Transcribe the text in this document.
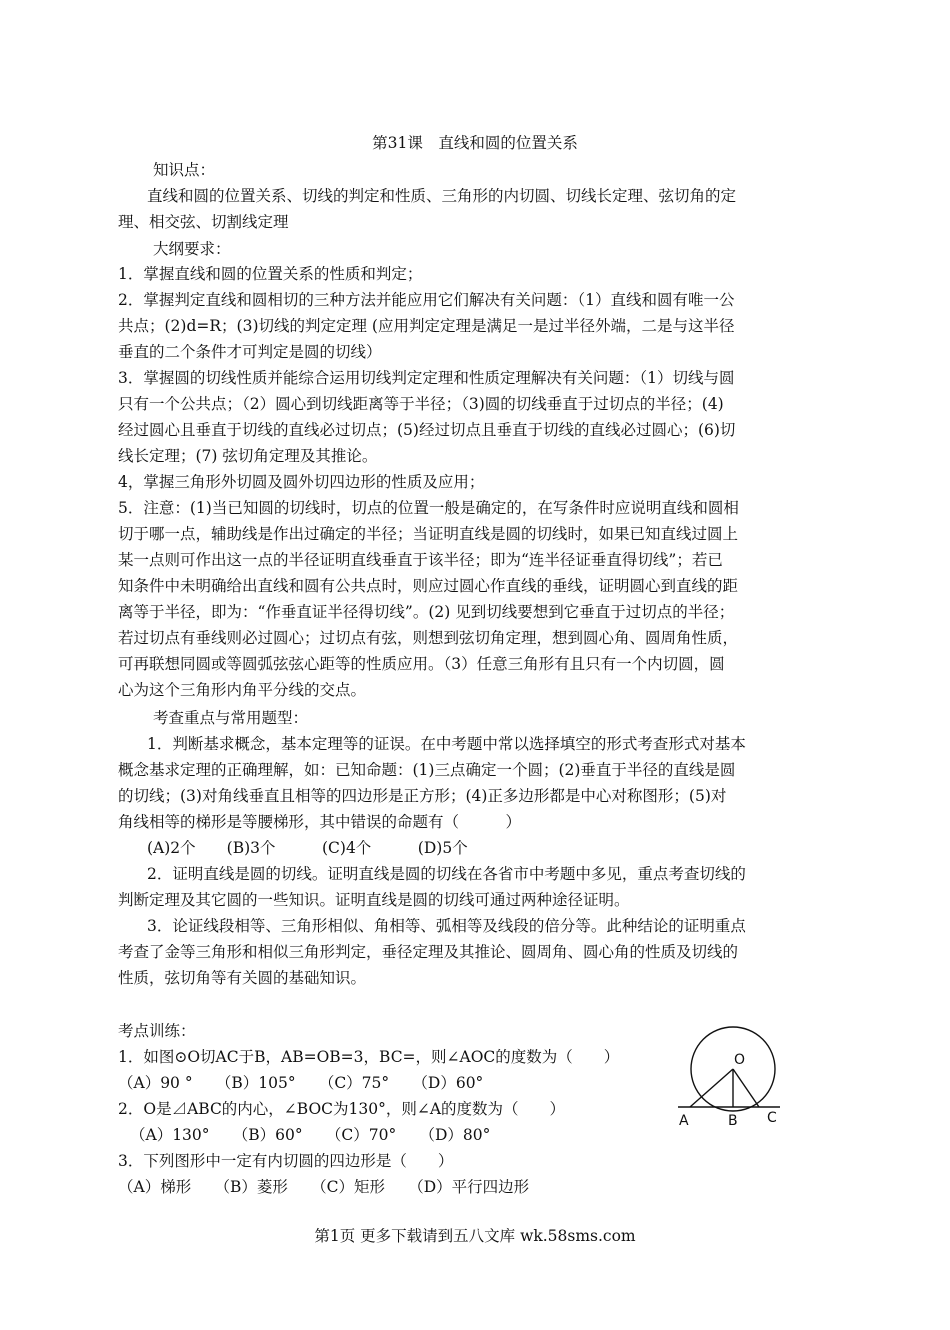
第31课　直线和圆的位置关系
知识点：
直线和圆的位置关系、切线的判定和性质、三角形的内切圆、切线长定理、弦切角的定
理、相交弦、切割线定理
大纲要求：
1．掌握直线和圆的位置关系的性质和判定；
2．掌握判定直线和圆相切的三种方法并能应用它们解决有关问题：（1）直线和圆有唯一公
共点；(2)d=R；(3)切线的判定定理 (应用判定定理是满足一是过半径外端，二是与这半径
垂直的二个条件才可判定是圆的切线）
3．掌握圆的切线性质并能综合运用切线判定定理和性质定理解决有关问题：（1）切线与圆
只有一个公共点；（2）圆心到切线距离等于半径；（3)圆的切线垂直于过切点的半径；(4)
经过圆心且垂直于切线的直线必过切点；(5)经过切点且垂直于切线的直线必过圆心；(6)切
线长定理；(7) 弦切角定理及其推论。
4，掌握三角形外切圆及圆外切四边形的性质及应用；
5．注意：(1)当已知圆的切线时，切点的位置一般是确定的，在写条件时应说明直线和圆相
切于哪一点，辅助线是作出过确定的半径；当证明直线是圆的切线时，如果已知直线过圆上
某一点则可作出这一点的半径证明直线垂直于该半径；即为“连半径证垂直得切线”；若已
知条件中未明确给出直线和圆有公共点时，则应过圆心作直线的垂线，证明圆心到直线的距
离等于半径，即为：“作垂直证半径得切线”。(2) 见到切线要想到它垂直于过切点的半径；
若过切点有垂线则必过圆心；过切点有弦，则想到弦切角定理，想到圆心角、圆周角性质，
可再联想同圆或等圆弧弦弦心距等的性质应用。（3）任意三角形有且只有一个内切圆，圆
心为这个三角形内角平分线的交点。
考查重点与常用题型：
1．判断基求概念，基本定理等的证误。在中考题中常以选择填空的形式考查形式对基本
概念基求定理的正确理解，如：已知命题：(1)三点确定一个圆；(2)垂直于半径的直线是圆
的切线；(3)对角线垂直且相等的四边形是正方形；(4)正多边形都是中心对称图形；(5)对
角线相等的梯形是等腰梯形，其中错误的命题有（　　　）
(A)2个　　(B)3个　　　(C)4个　　　(D)5个
2．证明直线是圆的切线。证明直线是圆的切线在各省市中考题中多见，重点考查切线的
判断定理及其它圆的一些知识。证明直线是圆的切线可通过两种途径证明。
3．论证线段相等、三角形相似、角相等、弧相等及线段的倍分等。此种结论的证明重点
考查了金等三角形和相似三角形判定，垂径定理及其推论、圆周角、圆心角的性质及切线的
性质，弦切角等有关圆的基础知识。
考点训练：
1．如图⊙O切AC于B，AB=OB=3，BC=，则∠AOC的度数为（　　）
（A）90 °　　（B）105°　　（C）75°　　（D）60°
2．O是⊿ABC的内心，∠BOC为130°，则∠A的度数为（　　）
（A）130°　　（B）60°　　（C）70°　　（D）80°
3．下列图形中一定有内切圆的四边形是（　　）
（A）梯形　　（B）菱形　　（C）矩形　　（D）平行四边形
O
A	B C
第1页 更多下载请到五八文库 wk.58sms.com
